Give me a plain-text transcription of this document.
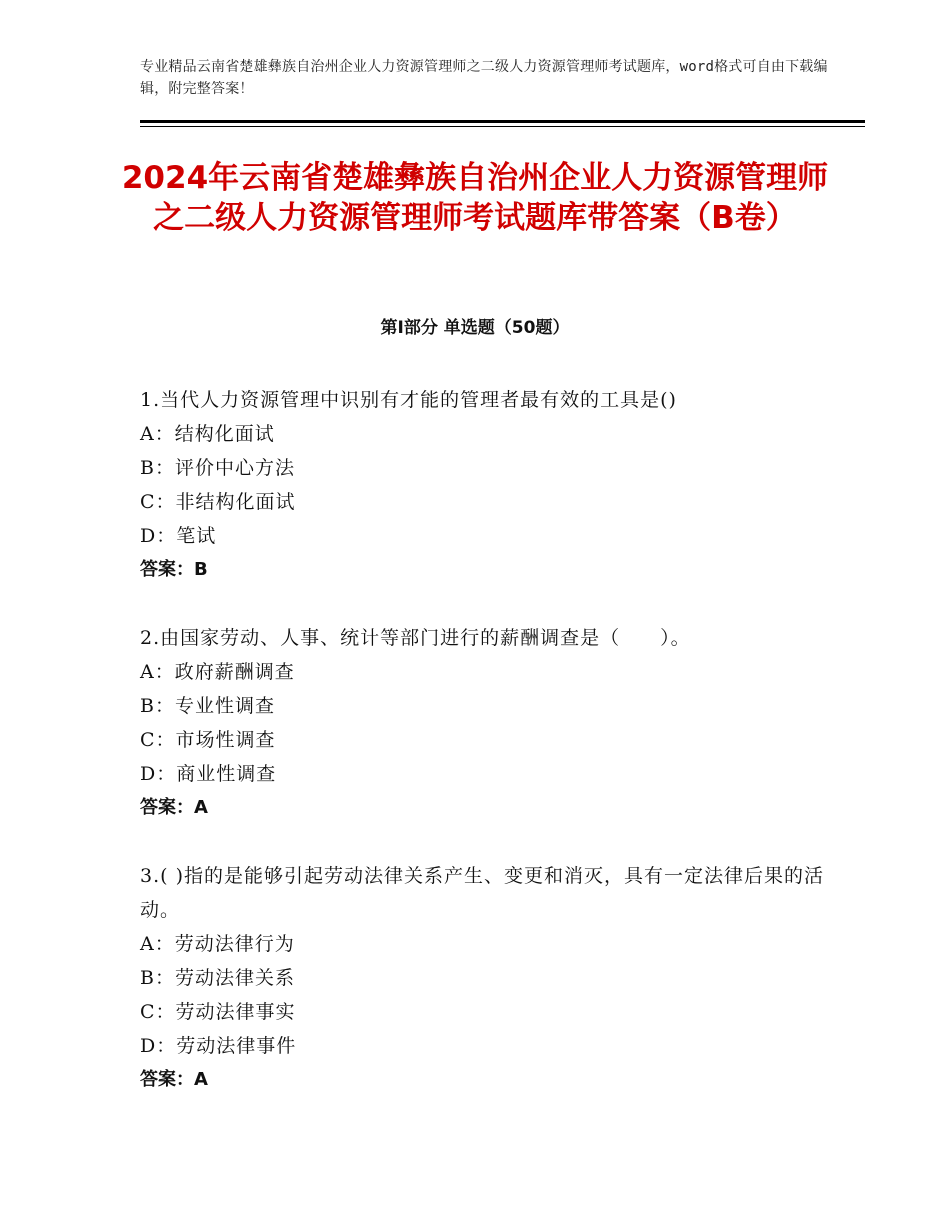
专业精品云南省楚雄彝族自治州企业人力资源管理师之二级人力资源管理师考试题库，word格式可自由下载编辑，附完整答案！
2024年云南省楚雄彝族自治州企业人力资源管理师之二级人力资源管理师考试题库带答案（B卷）
第Ⅰ部分 单选题（50题）
1.当代人力资源管理中识别有才能的管理者最有效的工具是()
A：结构化面试
B：评价中心方法
C：非结构化面试
D：笔试
答案：B
2.由国家劳动、人事、统计等部门进行的薪酬调查是（　　）。
A：政府薪酬调查
B：专业性调查
C：市场性调查
D：商业性调查
答案：A
3.( )指的是能够引起劳动法律关系产生、变更和消灭，具有一定法律后果的活动。
A：劳动法律行为
B：劳动法律关系
C：劳动法律事实
D：劳动法律事件
答案：A
